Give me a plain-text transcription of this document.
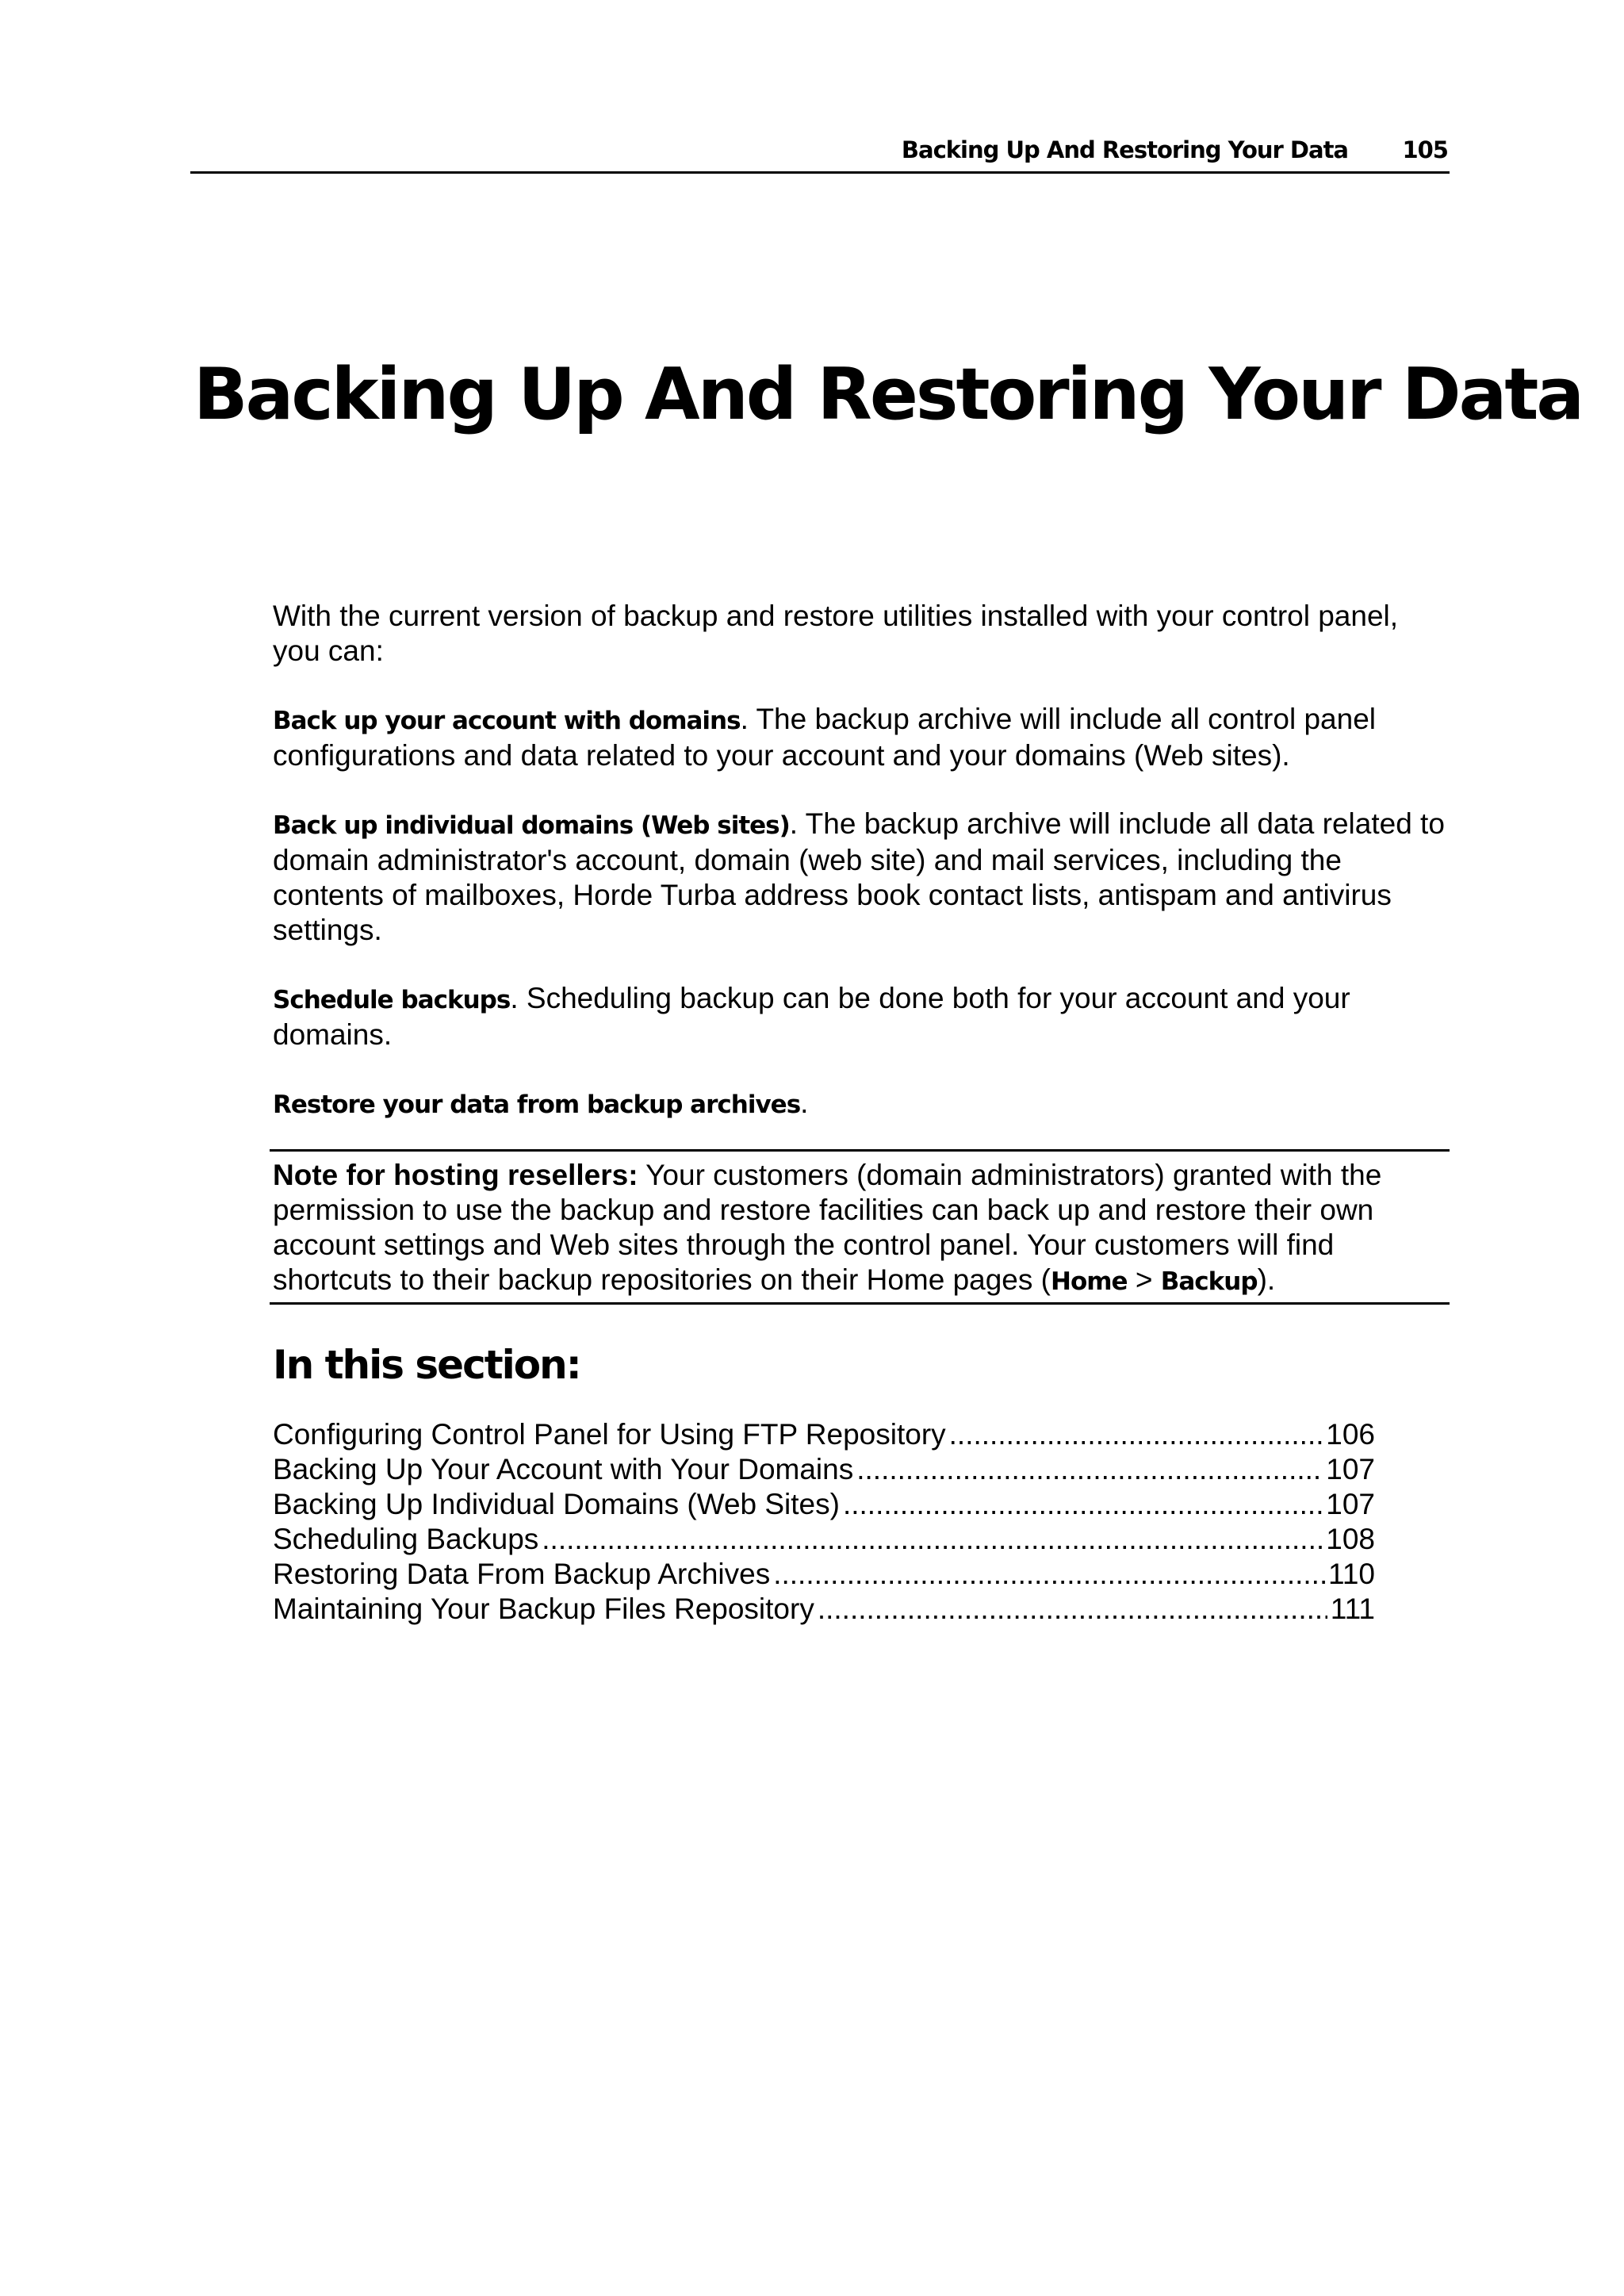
Backing Up And Restoring Your Data 105
Backing Up And Restoring Your Data

With the current version of backup and restore utilities installed with your control panel, you can:

Back up your account with domains. The backup archive will include all control panel configurations and data related to your account and your domains (Web sites).

Back up individual domains (Web sites). The backup archive will include all data related to domain administrator's account, domain (web site) and mail services, including the contents of mailboxes, Horde Turba address book contact lists, antispam and antivirus settings.

Schedule backups. Scheduling backup can be done both for your account and your domains.

Restore your data from backup archives.

Note for hosting resellers: Your customers (domain administrators) granted with the permission to use the backup and restore facilities can back up and restore their own account settings and Web sites through the control panel. Your customers will find shortcuts to their backup repositories on their Home pages (Home > Backup).
In this section:
Configuring Control Panel for Using FTP Repository .....	106
Backing Up Your Account with Your Domains .....	107
Backing Up Individual Domains (Web Sites) .....	107
Scheduling Backups .....	108
Restoring Data From Backup Archives .....	110
Maintaining Your Backup Files Repository .....	111
